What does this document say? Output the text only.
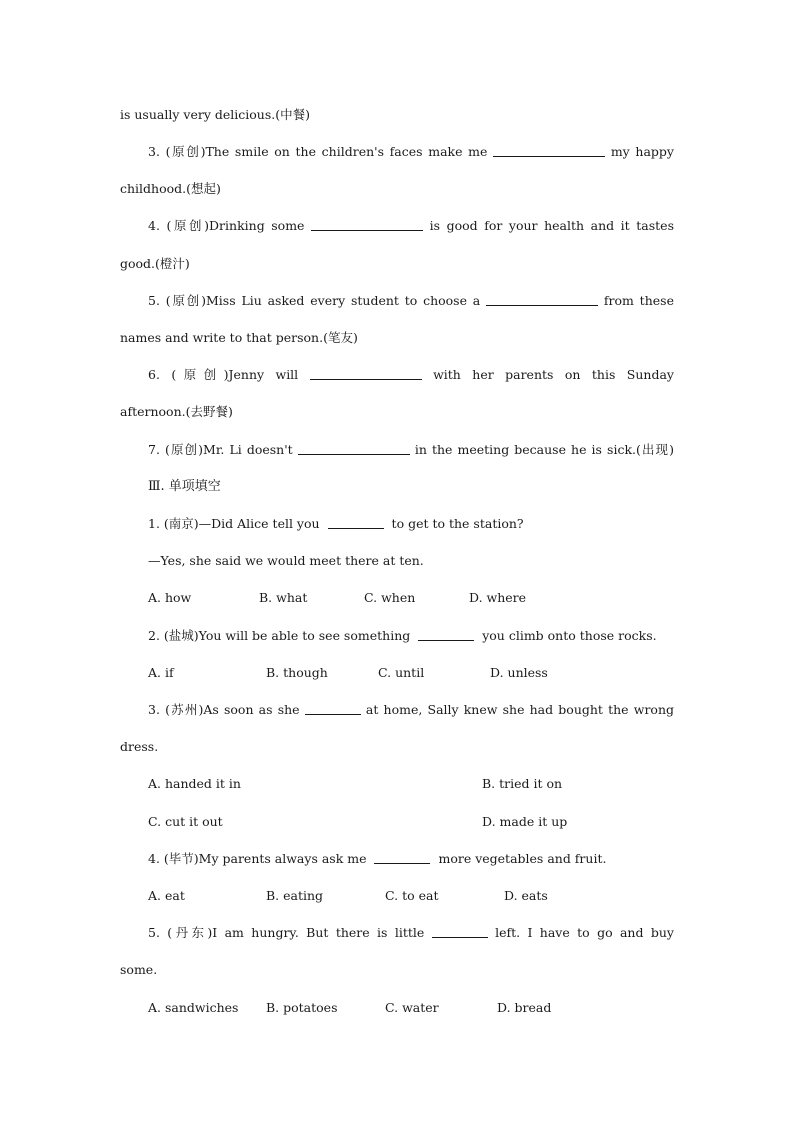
is usually very delicious.(中餐)
3. (原创)The smile on the children's faces make me	my happy
childhood.(想起)
4. (原创)Drinking some	is good for your health and it tastes
good.(橙汁)
5. (原创)Miss Liu asked every student to choose a	from these
names and write to that person.(笔友)
6. (原创)Jenny will	with her parents on this Sunday
afternoon.(去野餐)
7. (原创)Mr. Li doesn't	in the meeting because he is sick.(出现)
Ⅲ. 单项填空
1. (南京)—Did Alice tell you	to get to the station?
—Yes, she said we would meet there at ten.
A. how	B. what	C. when	D. where
2. (盐城)You will be able to see something	you climb onto those rocks.
A. if	B. though	C. until	D. unless
3. (苏州)As soon as she	at home, Sally knew she had bought the wrong
dress.
A. handed it in	B. tried it on
C. cut it out	D. made it up
4. (毕节)My parents always ask me	more vegetables and fruit.
A. eat	B. eating	C. to eat	D. eats
5. (丹东)I am hungry. But there is little	left. I have to go and buy
some.
A. sandwiches B. potatoes	C. water	D. bread
